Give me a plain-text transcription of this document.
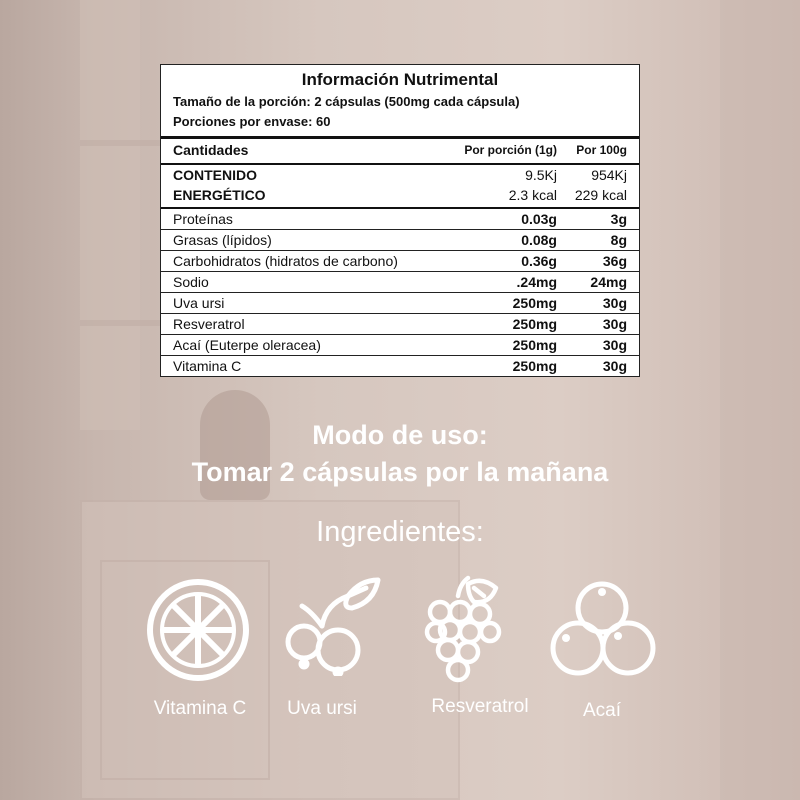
Información Nutrimental
Tamaño de la porción: 2 cápsulas (500mg cada cápsula)
Porciones por envase: 60
Cantidades	Por porción (1g)	Por 100g
CONTENIDO	9.5Kj	954Kj
ENERGÉTICO	2.3 kcal	229 kcal
Proteínas	0.03g	3g
Grasas (lípidos)	0.08g	8g
Carbohidratos (hidratos de carbono)	0.36g	36g
Sodio	.24mg	24mg
Uva ursi	250mg	30g
Resveratrol	250mg	30g
Acaí (Euterpe oleracea)	250mg	30g
Vitamina C	250mg	30g
Modo de uso:
Tomar 2 cápsulas por la mañana
Ingredientes:
Vitamina C	Uva ursi	Resveratrol	Acaí
